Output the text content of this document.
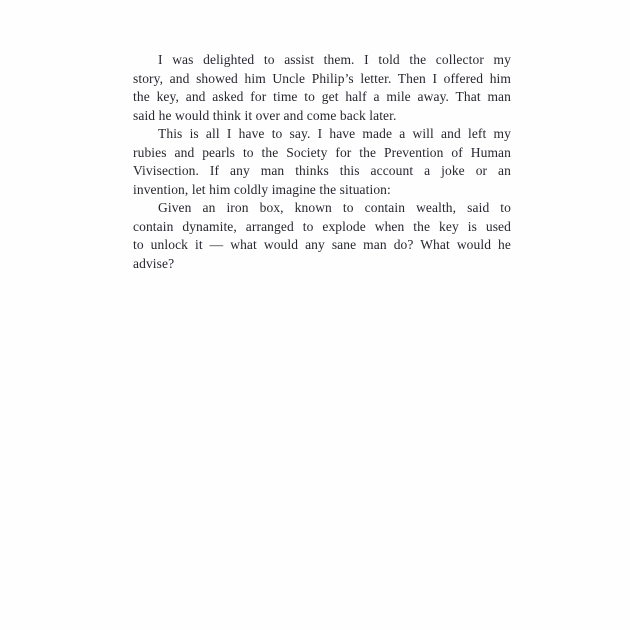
I was delighted to assist them. I told the collector my
story, and showed him Uncle Philip’s letter. Then I offered him
the key, and asked for time to get half a mile away. That man
said he would think it over and come back later.
This is all I have to say. I have made a will and left my
rubies and pearls to the Society for the Prevention of Human
Vivisection. If any man thinks this account a joke or an
invention, let him coldly imagine the situation:
Given an iron box, known to contain wealth, said to
contain dynamite, arranged to explode when the key is used
to unlock it — what would any sane man do? What would he
advise?
